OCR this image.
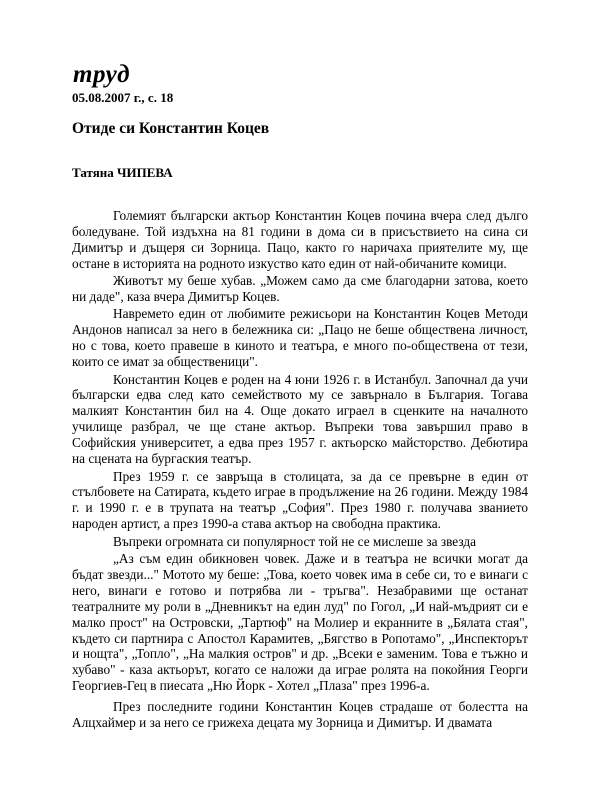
труд
05.08.2007 г., с. 18
Отиде си Константин Коцев
Татяна ЧИПЕВА

Големият български актьор Константин Коцев почина вчера след дълго боледуване. Той издъхна на 81 години в дома си в присъствието на сина си Димитър и дъщеря си Зорница. Пацо, както го наричаха приятелите му, ще остане в историята на родното изкуство като един от най-обичаните комици.

Животът му беше хубав. „Можем само да сме благодарни затова, което ни даде", каза вчера Димитър Коцев.

Навремето един от любимите режисьори на Константин Коцев Методи Андонов написал за него в бележника си: „Пацо не беше обществена личност, но с това, което правеше в киното и театъра, е много по-обществена от тези, които се имат за общественици".

Константин Коцев е роден на 4 юни 1926 г. в Истанбул. Започнал да учи български едва след като семейството му се завърнало в България. Тогава малкият Константин бил на 4. Още докато играел в сценките на началното училище разбрал, че ще стане актьор. Въпреки това завършил право в Софийския университет, а едва през 1957 г. актьорско майсторство. Дебютира на сцената на бургаския театър.

През 1959 г. се завръща в столицата, за да се превърне в един от стълбовете на Сатирата, където играе в продължение на 26 години. Между 1984 г. и 1990 г. е в трупата на театър „София". През 1980 г. получава званието народен артист, а през 1990-а става актьор на свободна практика.

Въпреки огромната си популярност той не се мислеше за звезда

„Аз съм един обикновен човек. Даже и в театъра не всички могат да бъдат звезди..." Мотото му беше: „Това, което човек има в себе си, то е винаги с него, винаги е готово и потрябва ли - тръгва". Незабравими ще останат театралните му роли в „Дневникът на един луд" по Гогол, „И най-мъдрият си е малко прост" на Островски, „Тартюф" на Молиер и екранните в „Бялата стая", където си партнира с Апостол Карамитев, „Бягство в Ропотамо", „Инспекторът и нощта", „Топло", „На малкия остров" и др. „Всеки е заменим. Това е тъжно и хубаво" - каза актьорът, когато се наложи да играе ролята на покойния Георги Георгиев-Гец в пиесата „Ню Йорк - Хотел „Плаза" през 1996-а.

През последните години Константин Коцев страдаше от болестта на Алцхаймер и за него се грижеха децата му Зорница и Димитър. И двамата
